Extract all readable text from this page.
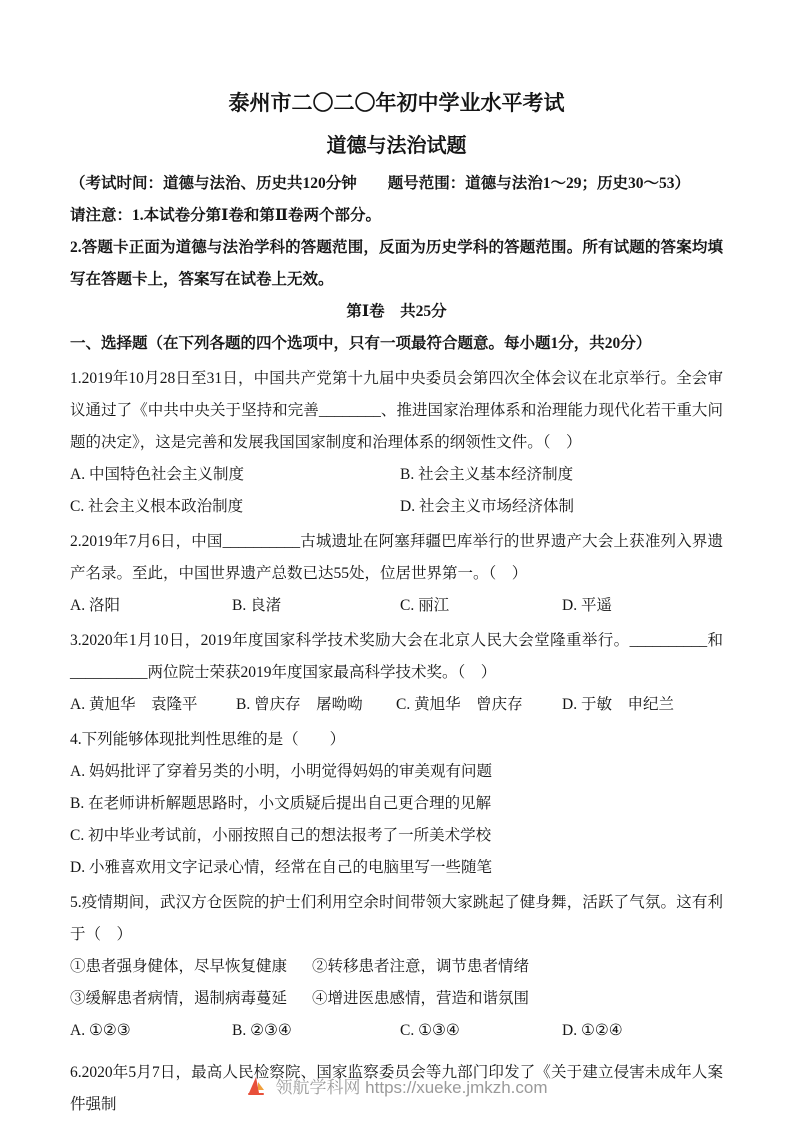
泰州市二〇二〇年初中学业水平考试

道德与法治试题

（考试时间：道德与法治、历史共120分钟　　题号范围：道德与法治1～29；历史30～53）

请注意：1.本试卷分第Ⅰ卷和第Ⅱ卷两个部分。

2.答题卡正面为道德与法治学科的答题范围，反面为历史学科的答题范围。所有试题的答案均填写在答题卡上，答案写在试卷上无效。

第Ⅰ卷　共25分

一、选择题（在下列各题的四个选项中，只有一项最符合题意。每小题1分，共20分）

1.2019年10月28日至31日，中国共产党第十九届中央委员会第四次全体会议在北京举行。全会审议通过了《中共中央关于坚持和完善________、推进国家治理体系和治理能力现代化若干重大问题的决定》，这是完善和发展我国国家制度和治理体系的纲领性文件。（　）

A. 中国特色社会主义制度	B. 社会主义基本经济制度
C. 社会主义根本政治制度	D. 社会主义市场经济体制

2.2019年7月6日，中国__________古城遗址在阿塞拜疆巴库举行的世界遗产大会上获准列入界遗产名录。至此，中国世界遗产总数已达55处，位居世界第一。（　）

A. 洛阳	B. 良渚	C. 丽江	D. 平遥

3.2020年1月10日，2019年度国家科学技术奖励大会在北京人民大会堂隆重举行。__________和__________两位院士荣获2019年度国家最高科学技术奖。（　）

A. 黄旭华　袁隆平	B. 曾庆存　屠呦呦	C. 黄旭华　曾庆存	D. 于敏　申纪兰

4.下列能够体现批判性思维的是（　　）

A. 妈妈批评了穿着另类的小明，小明觉得妈妈的审美观有问题

B. 在老师讲析解题思路时，小文质疑后提出自己更合理的见解

C. 初中毕业考试前，小丽按照自己的想法报考了一所美术学校

D. 小雅喜欢用文字记录心情，经常在自己的电脑里写一些随笔

5.疫情期间，武汉方仓医院的护士们利用空余时间带领大家跳起了健身舞，活跃了气氛。这有利于（　）

①患者强身健体，尽早恢复健康	②转移患者注意，调节患者情绪
③缓解患者病情，遏制病毒蔓延	④增进医患感情，营造和谐氛围
A. ①②③	B. ②③④	C. ①③④	D. ①②④

6.2020年5月7日，最高人民检察院、国家监察委员会等九部门印发了《关于建立侵害未成年人案件强制

领航学科网 https://xueke.jmkzh.com
